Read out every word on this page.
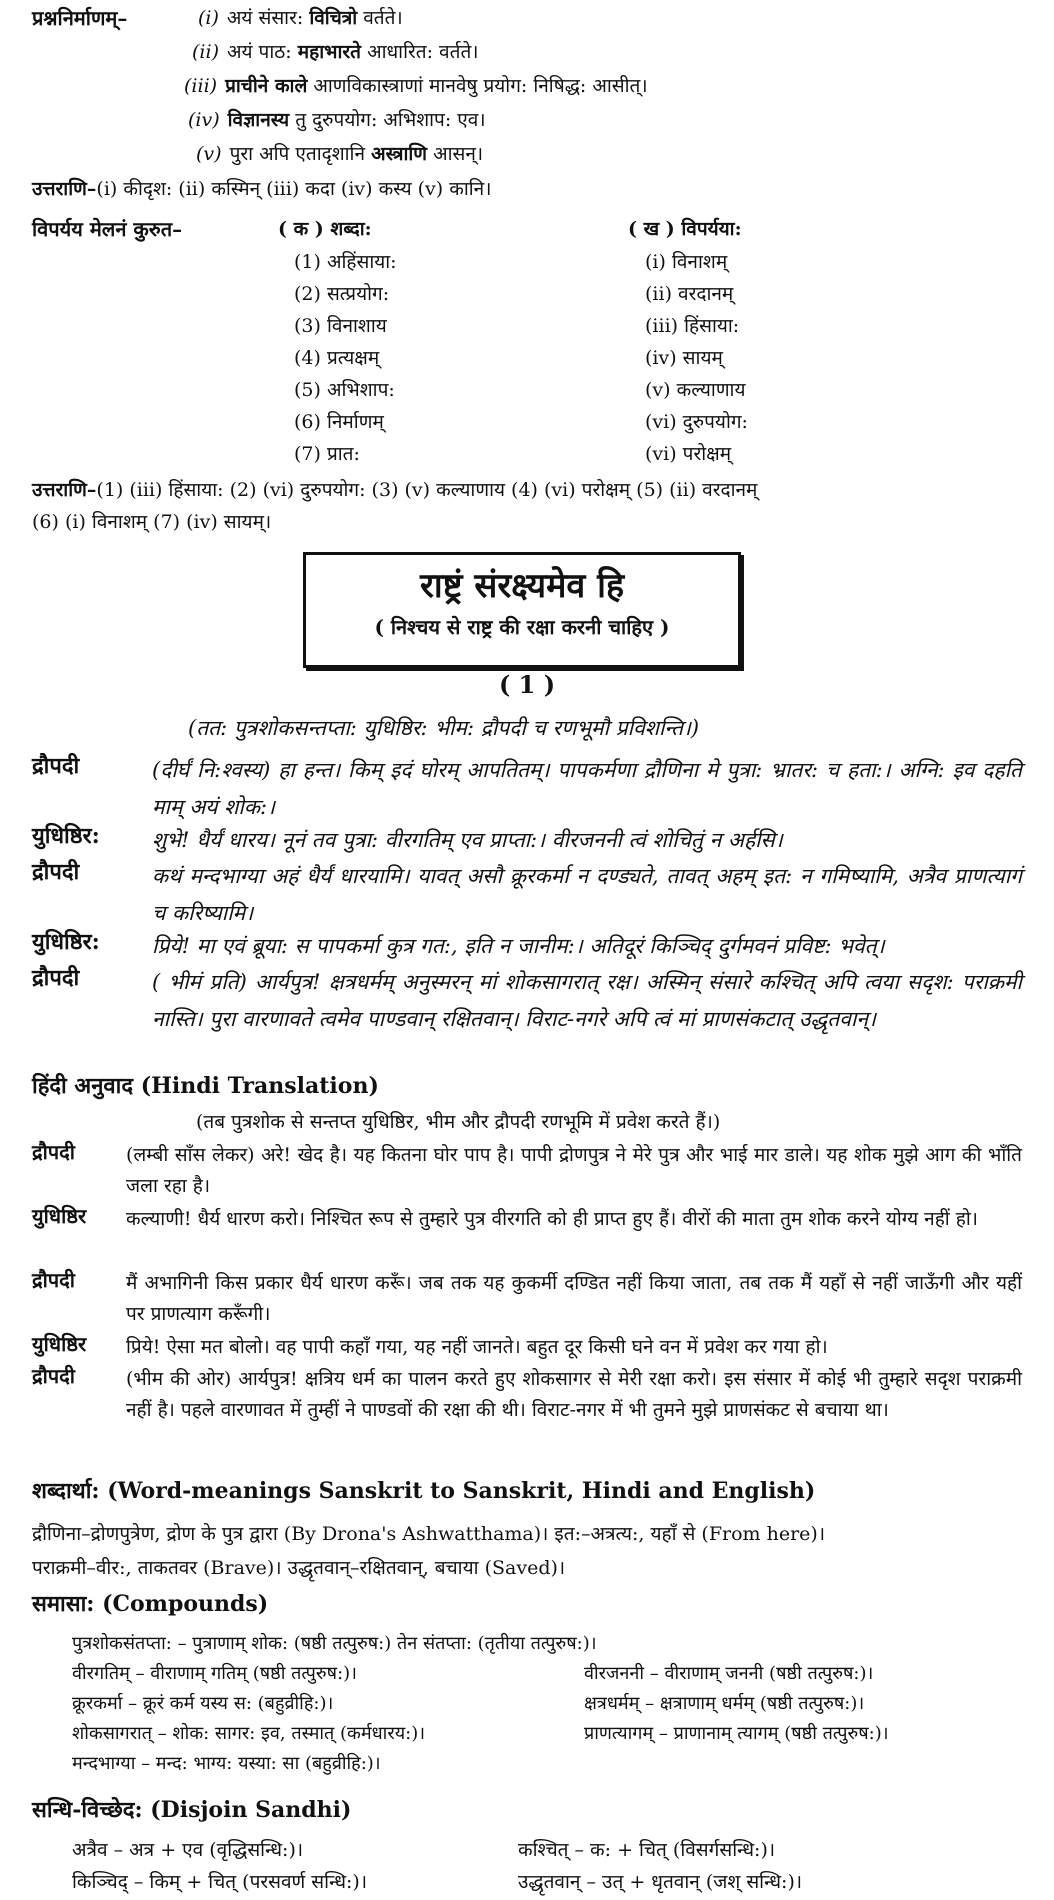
प्रश्ननिर्माणम्–	(i) अयं संसार: विचित्रो वर्तते।
(ii) अयं पाठ: महाभारते आधारित: वर्तते।
(iii) प्राचीने काले आणविकास्त्राणां मानवेषु प्रयोग: निषिद्ध: आसीत्।
(iv) विज्ञानस्य तु दुरुपयोग: अभिशाप: एव।
(v) पुरा अपि एतादृशानि अस्त्राणि आसन्।
उत्तराणि–(i) कीदृश: (ii) कस्मिन् (iii) कदा (iv) कस्य (v) कानि।
विपर्यय मेलनं कुरुत–	( क ) शब्दा:	( ख ) विपर्यया:
(1) अहिंसाया:	(i) विनाशम्
(2) सत्प्रयोग:	(ii) वरदानम्
(3) विनाशाय	(iii) हिंसाया:
(4) प्रत्यक्षम्	(iv) सायम्
(5) अभिशाप:	(v) कल्याणाय
(6) निर्माणम्	(vi) दुरुपयोग:
(7) प्रात:	(vi) परोक्षम्
उत्तराणि–(1) (iii) हिंसाया: (2) (vi) दुरुपयोग: (3) (v) कल्याणाय (4) (vi) परोक्षम् (5) (ii) वरदानम्
(6) (i) विनाशम् (7) (iv) सायम्।
राष्ट्रं संरक्ष्यमेव हि
( निश्चय से राष्ट्र की रक्षा करनी चाहिए )
( 1 )
(तत: पुत्रशोकसन्तप्ता: युधिष्ठिर: भीम: द्रौपदी च रणभूमौ प्रविशन्ति।)
द्रौपदी	(दीर्घं नि:श्वस्य) हा हन्त। किम् इदं घोरम् आपतितम्। पापकर्मणा द्रौणिना मे पुत्रा: भ्रातर: च हता:। अग्नि: इव दहति माम् अयं शोक:।
युधिष्ठिर: शुभे! धैर्यं धारय। नूनं तव पुत्रा: वीरगतिम् एव प्राप्ता:। वीरजननी त्वं शोचितुं न अर्हसि।
द्रौपदी	कथं मन्दभाग्या अहं धैर्यं धारयामि। यावत् असौ क्रूरकर्मा न दण्ड्यते, तावत् अहम् इत: न गमिष्यामि, अत्रैव प्राणत्यागं च करिष्यामि।
युधिष्ठिर: प्रिये! मा एवं ब्रूया: स पापकर्मा कुत्र गत:, इति न जानीम:। अतिदूरं किञ्चिद् दुर्गमवनं प्रविष्ट: भवेत्।
द्रौपदी	( भीमं प्रति) आर्यपुत्र! क्षत्रधर्मम् अनुस्मरन् मां शोकसागरात् रक्ष। अस्मिन् संसारे कश्चित् अपि त्वया सदृश: पराक्रमी नास्ति। पुरा वारणावते त्वमेव पाण्डवान् रक्षितवान्। विराट-नगरे अपि त्वं मां प्राणसंकटात् उद्धृतवान्।
हिंदी अनुवाद (Hindi Translation)
(तब पुत्रशोक से सन्तप्त युधिष्ठिर, भीम और द्रौपदी रणभूमि में प्रवेश करते हैं।)
द्रौपदी	(लम्बी साँस लेकर) अरे! खेद है। यह कितना घोर पाप है। पापी द्रोणपुत्र ने मेरे पुत्र और भाई मार डाले। यह शोक मुझे आग की भाँति जला रहा है।
युधिष्ठिर कल्याणी! धैर्य धारण करो। निश्चित रूप से तुम्हारे पुत्र वीरगति को ही प्राप्त हुए हैं। वीरों की माता तुम शोक करने योग्य नहीं हो।
द्रौपदी	मैं अभागिनी किस प्रकार धैर्य धारण करूँ। जब तक यह कुकर्मी दण्डित नहीं किया जाता, तब तक मैं यहाँ से नहीं जाऊँगी और यहीं पर प्राणत्याग करूँगी।
युधिष्ठिर प्रिये! ऐसा मत बोलो। वह पापी कहाँ गया, यह नहीं जानते। बहुत दूर किसी घने वन में प्रवेश कर गया हो।
द्रौपदी	(भीम की ओर) आर्यपुत्र! क्षत्रिय धर्म का पालन करते हुए शोकसागर से मेरी रक्षा करो। इस संसार में कोई भी तुम्हारे सदृश पराक्रमी नहीं है। पहले वारणावत में तुम्हीं ने पाण्डवों की रक्षा की थी। विराट-नगर में भी तुमने मुझे प्राणसंकट से बचाया था।
शब्दार्था: (Word-meanings Sanskrit to Sanskrit, Hindi and English)
द्रौणिना–द्रोणपुत्रेण, द्रोण के पुत्र द्वारा (By Drona's Ashwatthama)। इत:–अत्रत्य:, यहाँ से (From here)।
पराक्रमी–वीर:, ताकतवर (Brave)। उद्धृतवान्–रक्षितवान्, बचाया (Saved)।
समासा: (Compounds)
पुत्रशोकसंतप्ता: – पुत्राणाम् शोक: (षष्ठी तत्पुरुष:) तेन संतप्ता: (तृतीया तत्पुरुष:)।
वीरगतिम् – वीराणाम् गतिम् (षष्ठी तत्पुरुष:)।	वीरजननी – वीराणाम् जननी (षष्ठी तत्पुरुष:)।
क्रूरकर्मा – क्रूरं कर्म यस्य स: (बहुव्रीहि:)।	क्षत्रधर्मम् – क्षत्राणाम् धर्मम् (षष्ठी तत्पुरुष:)।
शोकसागरात् – शोक: सागर: इव, तस्मात् (कर्मधारय:)।	प्राणत्यागम् – प्राणानाम् त्यागम् (षष्ठी तत्पुरुष:)।
मन्दभाग्या – मन्द: भाग्य: यस्या: सा (बहुव्रीहि:)।
सन्धि-विच्छेद: (Disjoin Sandhi)
अत्रैव – अत्र + एव (वृद्धिसन्धि:)।	कश्चित् – क: + चित् (विसर्गसन्धि:)।
किञ्चिद् – किम् + चित् (परसवर्ण सन्धि:)।	उद्धृतवान् – उत् + धृतवान् (जश् सन्धि:)।
